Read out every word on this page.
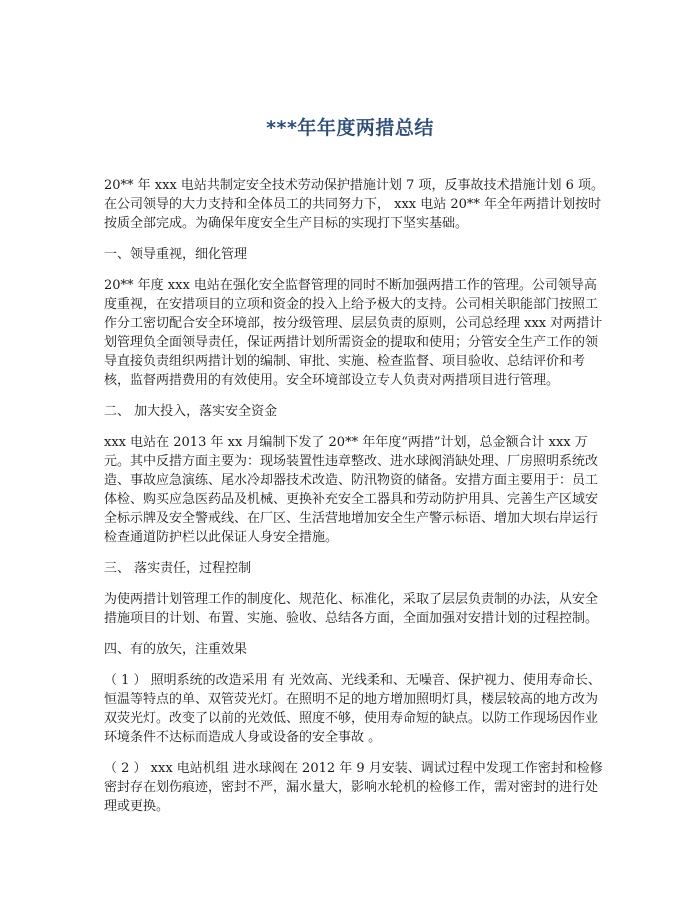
***年年度两措总结

20** 年 xxx 电站共制定安全技术劳动保护措施计划 7 项，反事故技术措施计划 6 项。在公司领导的大力支持和全体员工的共同努力下， xxx 电站 20** 年全年两措计划按时按质全部完成。为确保年度安全生产目标的实现打下坚实基础。

一、领导重视，细化管理

20** 年度 xxx 电站在强化安全监督管理的同时不断加强两措工作的管理。公司领导高度重视，在安措项目的立项和资金的投入上给予极大的支持。公司相关职能部门按照工作分工密切配合安全环境部，按分级管理、层层负责的原则，公司总经理 xxx 对两措计划管理负全面领导责任，保证两措计划所需资金的提取和使用；分管安全生产工作的领导直接负责组织两措计划的编制、审批、实施、检查监督、项目验收、总结评价和考核，监督两措费用的有效使用。安全环境部设立专人负责对两措项目进行管理。

二、 加大投入，落实安全资金

xxx 电站在 2013 年 xx 月编制下发了 20** 年年度“两措”计划，总金额合计 xxx 万元。其中反措方面主要为：现场装置性违章整改、进水球阀消缺处理、厂房照明系统改造、事故应急演练、尾水冷却器技术改造、防汛物资的储备。安措方面主要用于：员工体检、购买应急医药品及机械、更换补充安全工器具和劳动防护用具、完善生产区域安全标示牌及安全警戒线、在厂区、生活营地增加安全生产警示标语、增加大坝右岸运行检查通道防护栏以此保证人身安全措施。

三、 落实责任，过程控制

为使两措计划管理工作的制度化、规范化、标准化，采取了层层负责制的办法，从安全措施项目的计划、布置、实施、验收、总结各方面，全面加强对安措计划的过程控制。

四、有的放矢，注重效果

（ 1 ） 照明系统的改造采用 有 光效高、光线柔和、无噪音、保护视力、使用寿命长、恒温等特点的单、双管荧光灯。在照明不足的地方增加照明灯具，楼层较高的地方改为双荧光灯。改变了以前的光效低、照度不够，使用寿命短的缺点。以防工作现场因作业环境条件不达标而造成人身或设备的安全事故 。

（ 2 ） xxx 电站机组 进水球阀在 2012 年 9 月安装、调试过程中发现工作密封和检修密封存在划伤痕迹，密封不严，漏水量大，影响水轮机的检修工作，需对密封的进行处理或更换。
